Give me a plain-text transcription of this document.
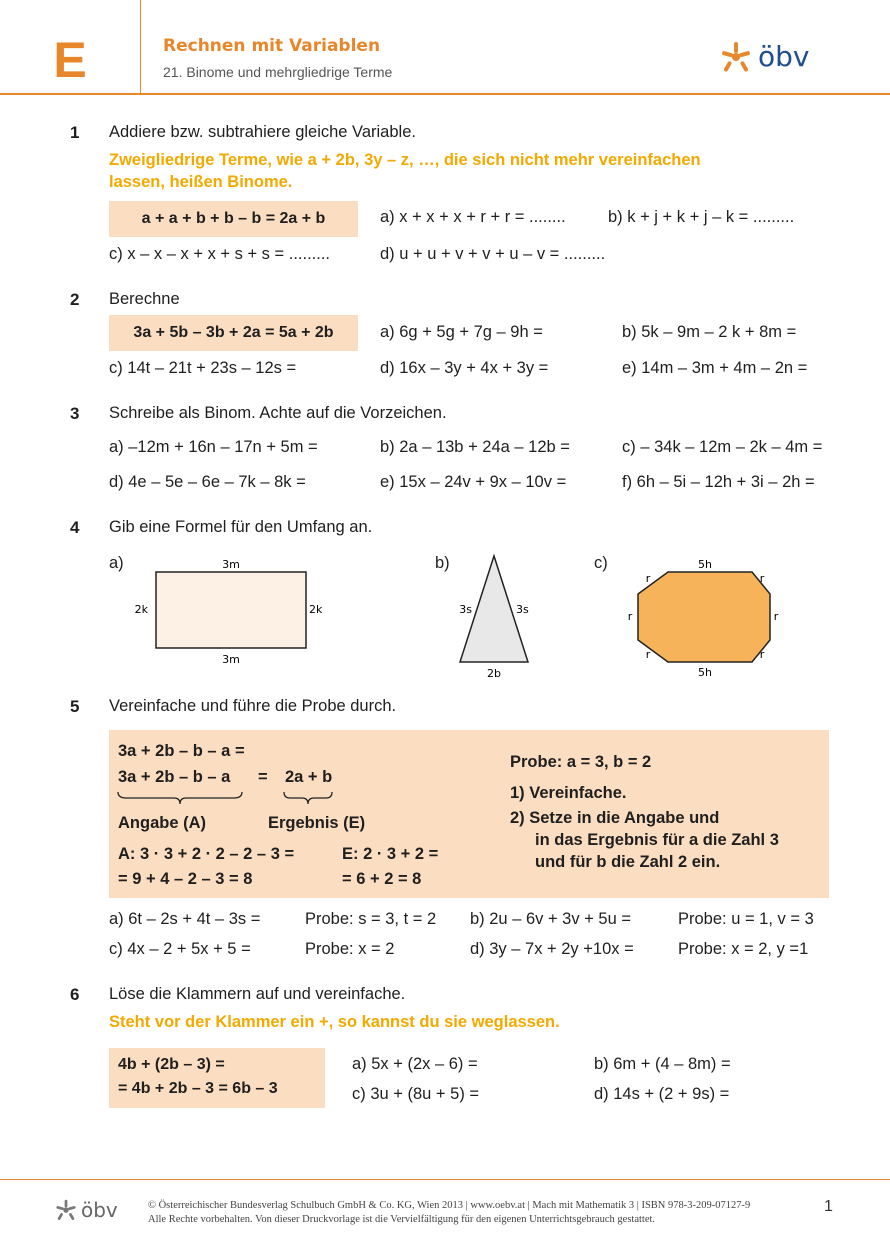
E	Rechnen mit Variablen
21. Binome und mehrgliedrige Terme	öbv
1 Addiere bzw. subtrahiere gleiche Variable.
Zweigliedrige Terme, wie a + 2b, 3y – z, …, die sich nicht mehr vereinfachen
lassen, heißen Binome.
a + a + b + b – b = 2a + b	a) x + x + x + r + r = ........	b) k + j + k + j – k = .........
c) x – x – x + x + s + s = .........	d) u + u + v + v + u – v = .........
2 Berechne
3a + 5b – 3b + 2a = 5a + 2b	a) 6g + 5g + 7g – 9h =	b) 5k – 9m – 2 k + 8m =
c) 14t – 21t + 23s – 12s =	d) 16x – 3y + 4x + 3y =	e) 14m – 3m + 4m – 2n =
3 Schreibe als Binom. Achte auf die Vorzeichen.
a) –12m + 16n – 17n + 5m =	b) 2a – 13b + 24a – 12b =	c) – 34k – 12m – 2k – 4m =
d) 4e – 5e – 6e – 7k – 8k =	e) 15x – 24v + 9x – 10v =	f) 6h – 5i – 12h + 3i – 2h =
4 Gib eine Formel für den Umfang an.
a)	b)	c)
3m
3m
2k	2k	3s	3s
2b
5h
5h
r	r
r	r
r	r
5 Vereinfache und führe die Probe durch.
3a + 2b – b – a =
3a + 2b – b – a = 2a + b
Angabe (A)	Ergebnis (E)
A: 3 · 3 + 2 · 2 – 2 – 3 =
= 9 + 4 – 2 – 3 = 8
E: 2 · 3 + 2 =
= 6 + 2 = 8
Probe: a = 3, b = 2
1) Vereinfache.
2) Setze in die Angabe und
in das Ergebnis für a die Zahl 3
und für b die Zahl 2 ein.
a) 6t – 2s + 4t – 3s =	Probe: s = 3, t = 2 b) 2u – 6v + 3v + 5u =	Probe: u = 1, v = 3
c) 4x – 2 + 5x + 5 =	Probe: x = 2	d) 3y – 7x + 2y +10x =	Probe: x = 2, y =1
6 Löse die Klammern auf und vereinfache.
Steht vor der Klammer ein +, so kannst du sie weglassen.
4b + (2b – 3) =
= 4b + 2b – 3 = 6b – 3
a) 5x + (2x – 6) =	b) 6m + (4 – 8m) =
c) 3u + (8u + 5) =	d) 14s + (2 + 9s) =
öbv	© Österreichischer Bundesverlag Schulbuch GmbH & Co. KG, Wien 2013 | www.oebv.at | Mach mit Mathematik 3 | ISBN 978-3-209-07127-9
Alle Rechte vorbehalten. Von dieser Druckvorlage ist die Vervielfältigung für den eigenen Unterrichtsgebrauch gestattet.
1
